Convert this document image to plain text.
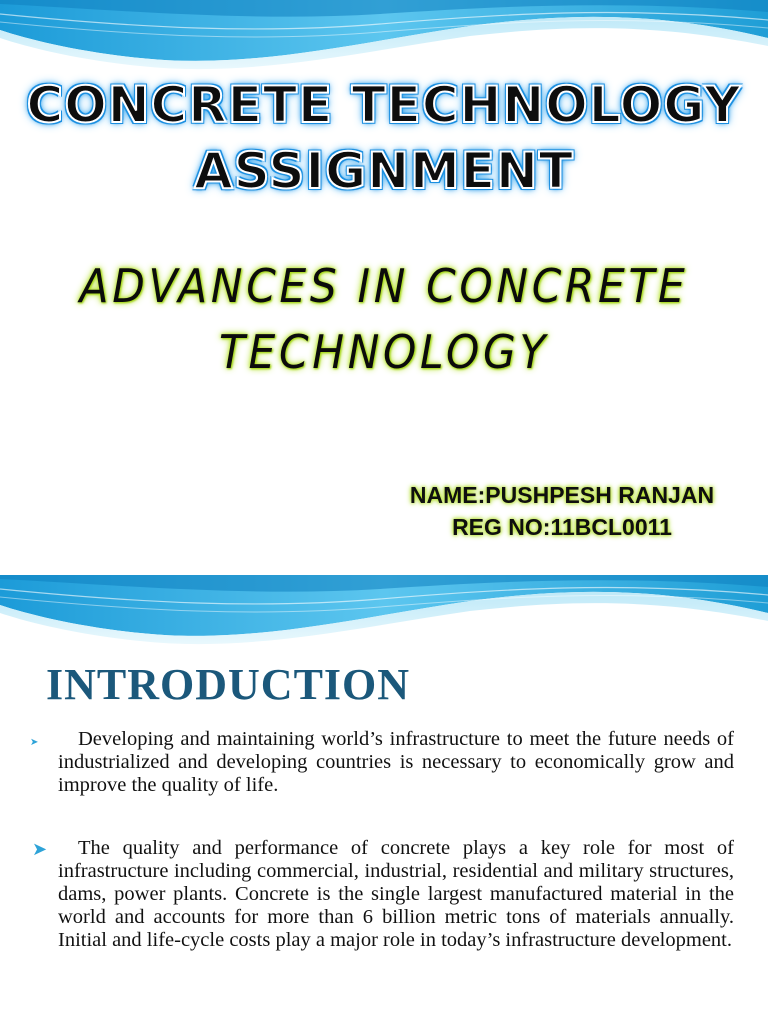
CONCRETE TECHNOLOGY
ASSIGNMENT
ADVANCES IN CONCRETE
TECHNOLOGY
NAME:PUSHPESH RANJAN
REG NO:11BCL0011
INTRODUCTION
➤	Developing and maintaining world’s infrastructure to meet the future needs of industrialized and developing countries is necessary to economically grow and improve the quality of life.
➤	The quality and performance of concrete plays a key role for most of infrastructure including commercial, industrial, residential and military structures, dams, power plants. Concrete is the single largest manufactured material in the world and accounts for more than 6 billion metric tons of materials annually. Initial and life-cycle costs play a major role in today’s infrastructure development.
